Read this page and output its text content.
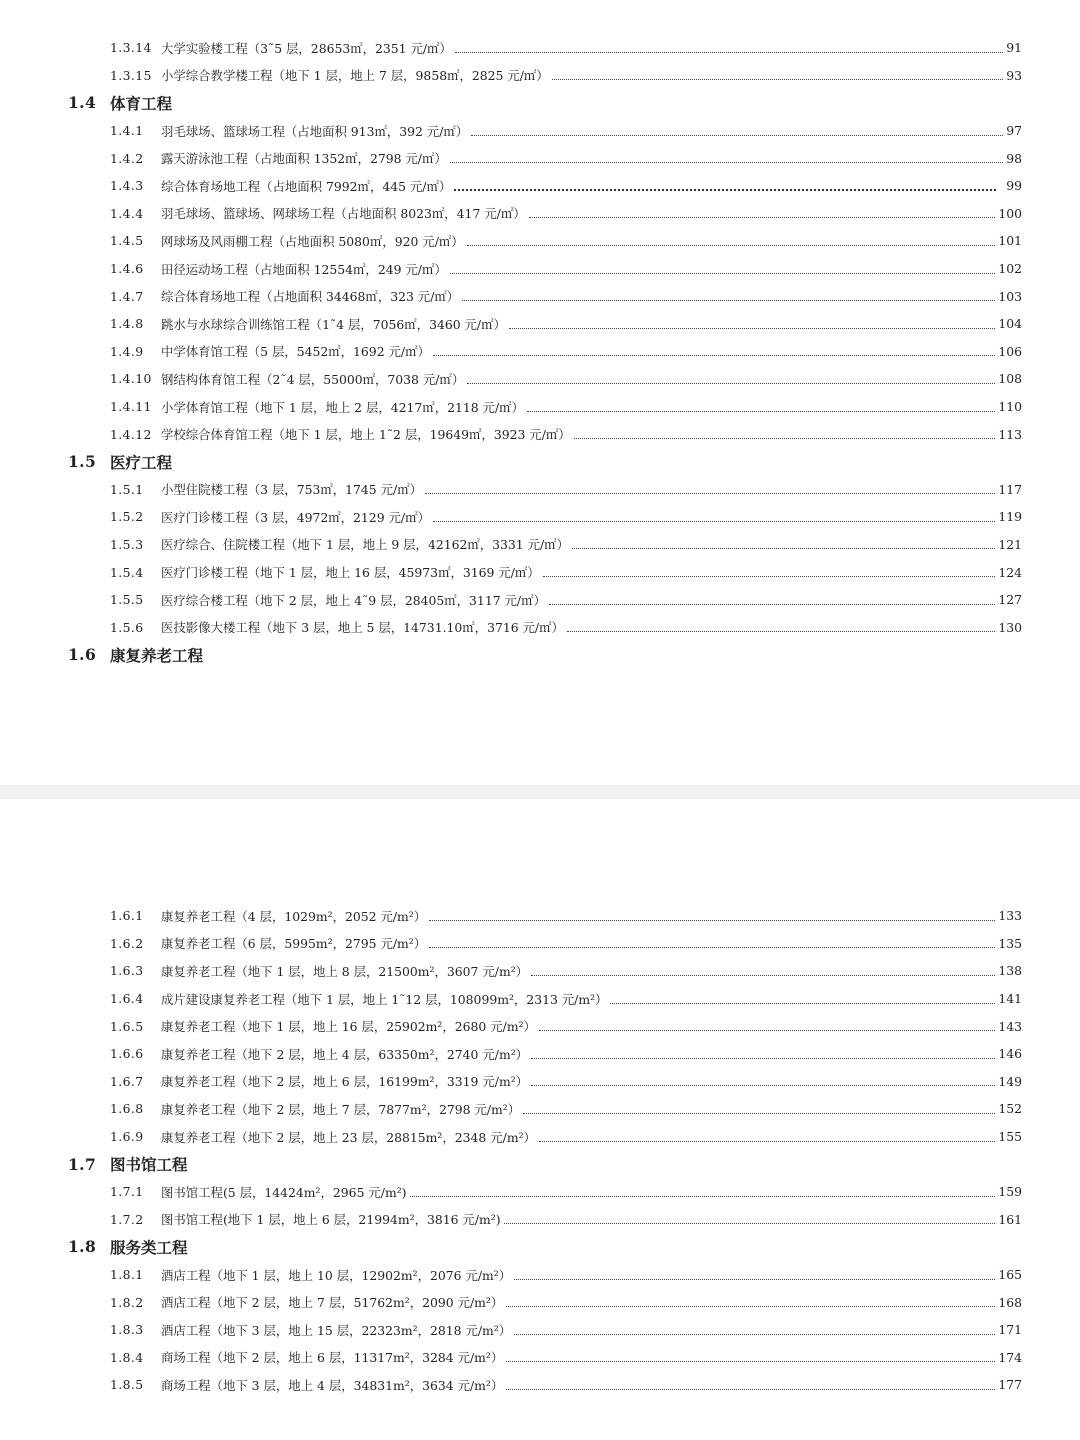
1.3.14 大学实验楼工程（3˜5 层，28653㎡，2351 元/㎡）	91
1.3.15 小学综合教学楼工程（地下 1 层，地上 7 层，9858㎡，2825 元/㎡）	93
1.4 体育工程
1.4.1	羽毛球场、篮球场工程（占地面积 913㎡，392 元/㎡）	97
1.4.2	露天游泳池工程（占地面积 1352㎡，2798 元/㎡）	98
1.4.3	综合体育场地工程（占地面积 7992㎡，445 元/㎡）	99
1.4.4	羽毛球场、篮球场、网球场工程（占地面积 8023㎡，417 元/㎡）	100
1.4.5	网球场及风雨棚工程（占地面积 5080㎡，920 元/㎡）	101
1.4.6	田径运动场工程（占地面积 12554㎡，249 元/㎡）	102
1.4.7	综合体育场地工程（占地面积 34468㎡，323 元/㎡）	103
1.4.8	跳水与水球综合训练馆工程（1˜4 层，7056㎡，3460 元/㎡）	104
1.4.9	中学体育馆工程（5 层，5452㎡，1692 元/㎡）	106
1.4.10 钢结构体育馆工程（2˜4 层，55000㎡，7038 元/㎡）	108
1.4.11 小学体育馆工程（地下 1 层，地上 2 层，4217㎡，2118 元/㎡）	110
1.4.12 学校综合体育馆工程（地下 1 层，地上 1˜2 层，19649㎡，3923 元/㎡）	113
1.5 医疗工程
1.5.1	小型住院楼工程（3 层，753㎡，1745 元/㎡）	117
1.5.2	医疗门诊楼工程（3 层，4972㎡，2129 元/㎡）	119
1.5.3	医疗综合、住院楼工程（地下 1 层，地上 9 层，42162㎡，3331 元/㎡）	121
1.5.4	医疗门诊楼工程（地下 1 层，地上 16 层，45973㎡，3169 元/㎡）	124
1.5.5	医疗综合楼工程（地下 2 层，地上 4˜9 层，28405㎡，3117 元/㎡）	127
1.5.6	医技影像大楼工程（地下 3 层，地上 5 层，14731.10㎡，3716 元/㎡）	130
1.6 康复养老工程
1.6.1	康复养老工程（4 层，1029m²，2052 元/m²）	133
1.6.2	康复养老工程（6 层，5995m²，2795 元/m²）	135
1.6.3	康复养老工程（地下 1 层，地上 8 层，21500m²，3607 元/m²）	138
1.6.4	成片建设康复养老工程（地下 1 层，地上 1˜12 层，108099m²，2313 元/m²）	141
1.6.5	康复养老工程（地下 1 层，地上 16 层，25902m²，2680 元/m²）	143
1.6.6	康复养老工程（地下 2 层，地上 4 层，63350m²，2740 元/m²）	146
1.6.7	康复养老工程（地下 2 层，地上 6 层，16199m²，3319 元/m²）	149
1.6.8	康复养老工程（地下 2 层，地上 7 层，7877m²，2798 元/m²）	152
1.6.9	康复养老工程（地下 2 层，地上 23 层，28815m²，2348 元/m²）	155
1.7 图书馆工程
1.7.1	图书馆工程(5 层，14424m²，2965 元/m²)	159
1.7.2	图书馆工程(地下 1 层，地上 6 层，21994m²，3816 元/m²)	161
1.8 服务类工程
1.8.1	酒店工程（地下 1 层，地上 10 层，12902m²，2076 元/m²）	165
1.8.2	酒店工程（地下 2 层，地上 7 层，51762m²，2090 元/m²）	168
1.8.3	酒店工程（地下 3 层，地上 15 层，22323m²，2818 元/m²）	171
1.8.4	商场工程（地下 2 层，地上 6 层，11317m²，3284 元/m²）	174
1.8.5	商场工程（地下 3 层，地上 4 层，34831m²，3634 元/m²）	177
